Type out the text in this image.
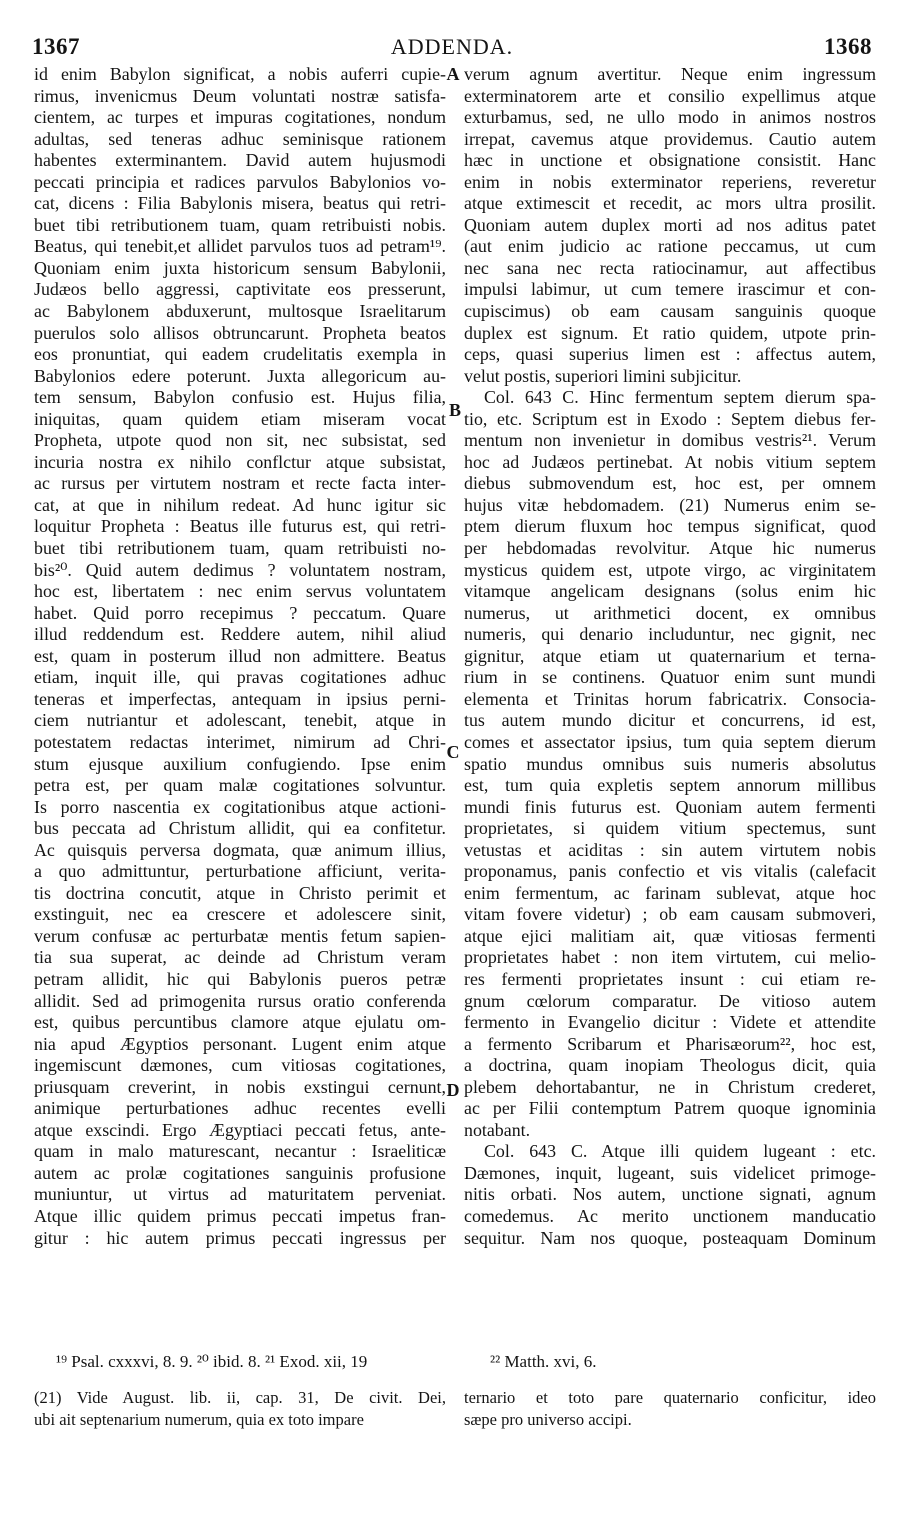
1367	ADDENDA.	1368
id enim Babylon significat, a nobis auferri cupie-
rimus, invenicmus Deum voluntati nostræ satisfa-
cientem, ac turpes et impuras cogitationes, nondum
adultas, sed teneras adhuc seminisque rationem
habentes exterminantem. David autem hujusmodi
peccati principia et radices parvulos Babylonios vo-
cat, dicens : Filia Babylonis misera, beatus qui retri-
buet tibi retributionem tuam, quam retribuisti nobis.
Beatus, qui tenebit,et allidet parvulos tuos ad petram¹⁹.
Quoniam enim juxta historicum sensum Babylonii,
Judæos bello aggressi, captivitate eos presserunt,
ac Babylonem abduxerunt, multosque Israelitarum
puerulos solo allisos obtruncarunt. Propheta beatos
eos pronuntiat, qui eadem crudelitatis exempla in
Babylonios edere poterunt. Juxta allegoricum au-
tem sensum, Babylon confusio est. Hujus filia,
iniquitas, quam quidem etiam miseram vocat
Propheta, utpote quod non sit, nec subsistat, sed
incuria nostra ex nihilo conflctur atque subsistat,
ac rursus per virtutem nostram et recte facta inter-
cat, at que in nihilum redeat. Ad hunc igitur sic
loquitur Propheta : Beatus ille futurus est, qui retri-
buet tibi retributionem tuam, quam retribuisti no-
bis²⁰. Quid autem dedimus ? voluntatem nostram,
hoc est, libertatem : nec enim servus voluntatem
habet. Quid porro recepimus ? peccatum. Quare
illud reddendum est. Reddere autem, nihil aliud
est, quam in posterum illud non admittere. Beatus
etiam, inquit ille, qui pravas cogitationes adhuc
teneras et imperfectas, antequam in ipsius perni-
ciem nutriantur et adolescant, tenebit, atque in
potestatem redactas interimet, nimirum ad Chri-
stum ejusque auxilium confugiendo. Ipse enim
petra est, per quam malæ cogitationes solvuntur.
Is porro nascentia ex cogitationibus atque actioni-
bus peccata ad Christum allidit, qui ea confitetur.
Ac quisquis perversa dogmata, quæ animum illius,
a quo admittuntur, perturbatione afficiunt, verita-
tis doctrina concutit, atque in Christo perimit et
exstinguit, nec ea crescere et adolescere sinit,
verum confusæ ac perturbatæ mentis fetum sapien-
tia sua superat, ac deinde ad Christum veram
petram allidit, hic qui Babylonis pueros petræ
allidit. Sed ad primogenita rursus oratio conferenda
est, quibus percuntibus clamore atque ejulatu om-
nia apud Ægyptios personant. Lugent enim atque
ingemiscunt dæmones, cum vitiosas cogitationes,
priusquam creverint, in nobis exstingui cernunt,
animique perturbationes adhuc recentes evelli
atque exscindi. Ergo Ægyptiaci peccati fetus, ante-
quam in malo maturescant, necantur : Israeliticæ
autem ac prolæ cogitationes sanguinis profusione
muniuntur, ut virtus ad maturitatem perveniat.
Atque illic quidem primus peccati impetus fran-
gitur : hic autem primus peccati ingressus per
verum agnum avertitur. Neque enim ingressum
exterminatorem arte et consilio expellimus atque
exturbamus, sed, ne ullo modo in animos nostros
irrepat, cavemus atque providemus. Cautio autem
hæc in unctione et obsignatione consistit. Hanc
enim in nobis exterminator reperiens, reveretur
atque extimescit et recedit, ac mors ultra prosilit.
Quoniam autem duplex morti ad nos aditus patet
(aut enim judicio ac ratione peccamus, ut cum
nec sana nec recta ratiocinamur, aut affectibus
impulsi labimur, ut cum temere irascimur et con-
cupiscimus) ob eam causam sanguinis quoque
duplex est signum. Et ratio quidem, utpote prin-
ceps, quasi superius limen est : affectus autem,
velut postis, superiori limini subjicitur.
Col. 643 C. Hinc fermentum septem dierum spa-
tio, etc. Scriptum est in Exodo : Septem diebus fer-
mentum non invenietur in domibus vestris²¹. Verum
hoc ad Judæos pertinebat. At nobis vitium septem
diebus submovendum est, hoc est, per omnem
hujus vitæ hebdomadem. (21) Numerus enim se-
ptem dierum fluxum hoc tempus significat, quod
per hebdomadas revolvitur. Atque hic numerus
mysticus quidem est, utpote virgo, ac virginitatem
vitamque angelicam designans (solus enim hic
numerus, ut arithmetici docent, ex omnibus
numeris, qui denario includuntur, nec gignit, nec
gignitur, atque etiam ut quaternarium et terna-
rium in se continens. Quatuor enim sunt mundi
elementa et Trinitas horum fabricatrix. Consocia-
tus autem mundo dicitur et concurrens, id est,
comes et assectator ipsius, tum quia septem dierum
spatio mundus omnibus suis numeris absolutus
est, tum quia expletis septem annorum millibus
mundi finis futurus est. Quoniam autem fermenti
proprietates, si quidem vitium spectemus, sunt
vetustas et aciditas : sin autem virtutem nobis
proponamus, panis confectio et vis vitalis (calefacit
enim fermentum, ac farinam sublevat, atque hoc
vitam fovere videtur) ; ob eam causam submoveri,
atque ejici malitiam ait, quæ vitiosas fermenti
proprietates habet : non item virtutem, cui melio-
res fermenti proprietates insunt : cui etiam re-
gnum cœlorum comparatur. De vitioso autem
fermento in Evangelio dicitur : Videte et attendite
a fermento Scribarum et Pharisæorum²², hoc est,
a doctrina, quam inopiam Theologus dicit, quia
plebem dehortabantur, ne in Christum crederet,
ac per Filii contemptum Patrem quoque ignominia
notabant.
Col. 643 C. Atque illi quidem lugeant : etc.
Dæmones, inquit, lugeant, suis videlicet primoge-
nitis orbati. Nos autem, unctione signati, agnum
comedemus. Ac merito unctionem manducatio
sequitur. Nam nos quoque, posteaquam Dominum
A
B
C
D
¹⁹ Psal. cxxxvi, 8. 9. ²⁰ ibid. 8. ²¹ Exod. xii, 19	²² Matth. xvi, 6.
(21) Vide August. lib. ii, cap. 31, De civit. Dei,
ubi ait septenarium numerum, quia ex toto impare
ternario et toto pare quaternario conficitur, ideo
sæpe pro universo accipi.
